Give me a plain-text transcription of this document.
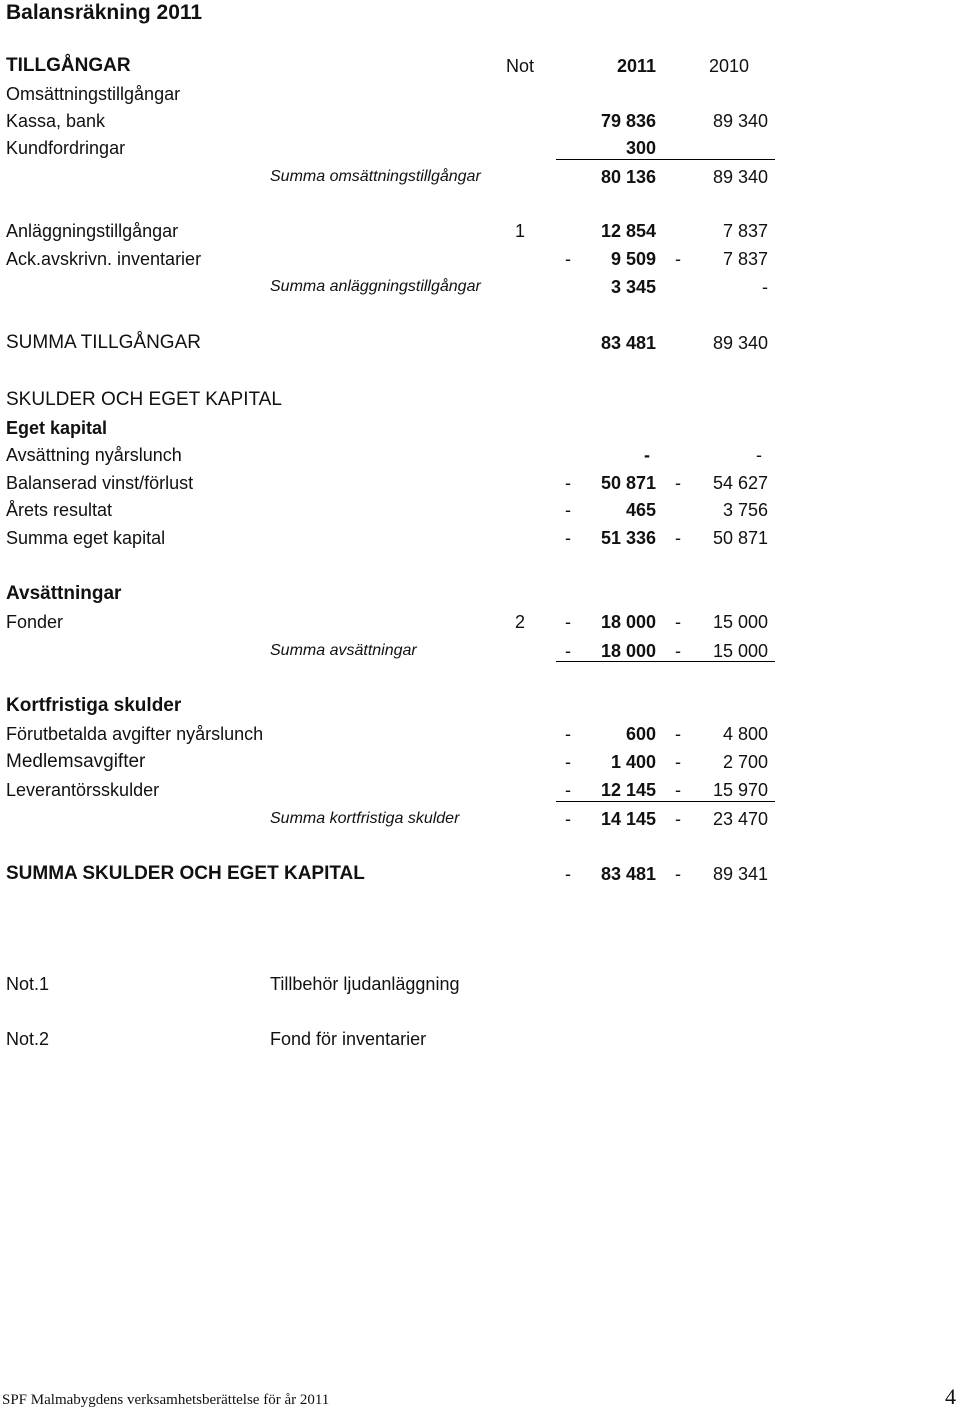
Balansräkning 2011
TILLGÅNGAR	Not	2011	2010
Omsättningstillgångar
Kassa, bank	79 836	89 340
Kundfordringar	300
Summa omsättningstillgångar	80 136	89 340
Anläggningstillgångar	1	12 854	7 837
Ack.avskrivn. inventarier	-	9 509 -	7 837
Summa anläggningstillgångar	3 345	-
SUMMA TILLGÅNGAR	83 481	89 340
SKULDER OCH EGET KAPITAL
Eget kapital
Avsättning nyårslunch	-	-
Balanserad vinst/förlust	-	50 871 -	54 627
Årets resultat	-	465	3 756
Summa eget kapital	-	51 336 -	50 871
Avsättningar
Fonder	2	-	18 000 -	15 000
Summa avsättningar	-	18 000 -	15 000
Kortfristiga skulder
Förutbetalda avgifter nyårslunch	-	600 -	4 800
Medlemsavgifter	-	1 400 -	2 700
Leverantörsskulder	-	12 145 -	15 970
Summa kortfristiga skulder	-	14 145 -	23 470
SUMMA SKULDER OCH EGET KAPITAL	-	83 481 -	89 341
Not.1	Tillbehör ljudanläggning
Not.2	Fond för inventarier
SPF Malmabygdens verksamhetsberättelse för år 2011	4
